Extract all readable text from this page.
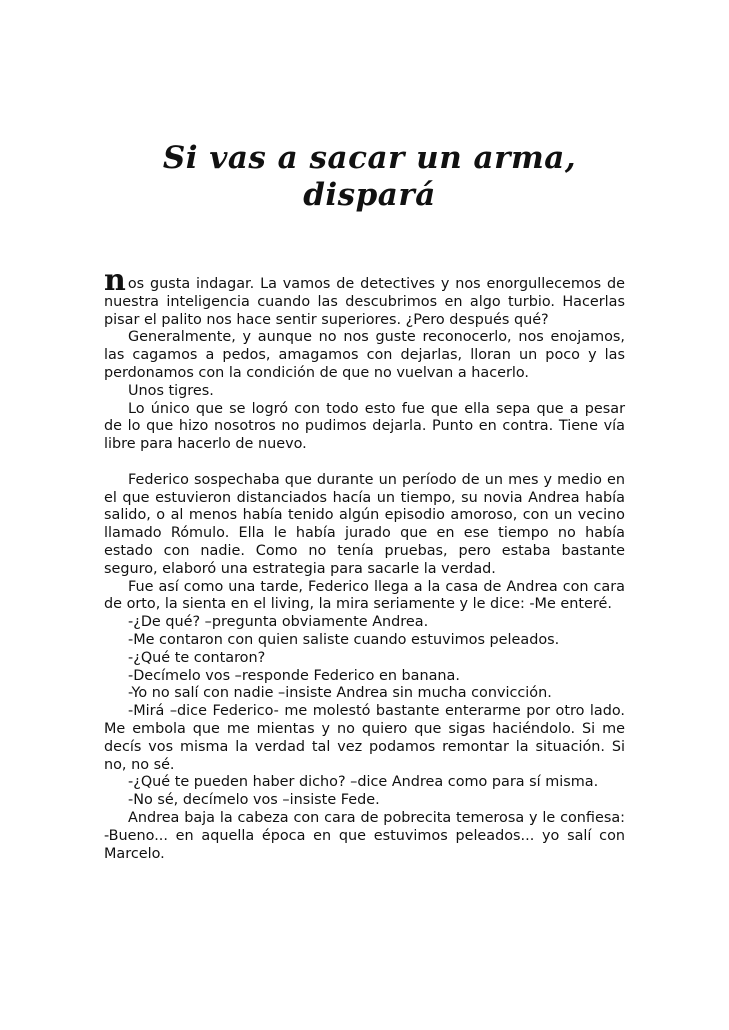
Si vas a sacar un arma,
dispará

nos gusta indagar. La vamos de detectives y nos enorgullecemos de nuestra inteligencia cuando las descubrimos en algo turbio. Hacerlas pisar el palito nos hace sentir superiores. ¿Pero después qué?

Generalmente, y aunque no nos guste reconocerlo, nos enojamos, las cagamos a pedos, amagamos con dejarlas, lloran un poco y las perdonamos con la condición de que no vuelvan a hacerlo.

Unos tigres.

Lo único que se logró con todo esto fue que ella sepa que a pesar de lo que hizo nosotros no pudimos dejarla. Punto en contra. Tiene vía libre para hacerlo de nuevo.

Federico sospechaba que durante un período de un mes y medio en el que estuvieron distanciados hacía un tiempo, su novia Andrea había salido, o al menos había tenido algún episodio amoroso, con un vecino llamado Rómulo. Ella le había jurado que en ese tiempo no había estado con nadie. Como no tenía pruebas, pero estaba bastante seguro, elaboró una estrategia para sacarle la verdad.

Fue así como una tarde, Federico llega a la casa de Andrea con cara de orto, la sienta en el living, la mira seriamente y le dice: -Me enteré.

-¿De qué? –pregunta obviamente Andrea.

-Me contaron con quien saliste cuando estuvimos peleados.

-¿Qué te contaron?

-Decímelo vos –responde Federico en banana.

-Yo no salí con nadie –insiste Andrea sin mucha convicción.

-Mirá –dice Federico- me molestó bastante enterarme por otro lado. Me embola que me mientas y no quiero que sigas haciéndolo. Si me decís vos misma la verdad tal vez podamos remontar la situación. Si no, no sé.

-¿Qué te pueden haber dicho? –dice Andrea como para sí misma.

-No sé, decímelo vos –insiste Fede.

Andrea baja la cabeza con cara de pobrecita temerosa y le confiesa: -Bueno... en aquella época en que estuvimos peleados... yo salí con Marcelo.
